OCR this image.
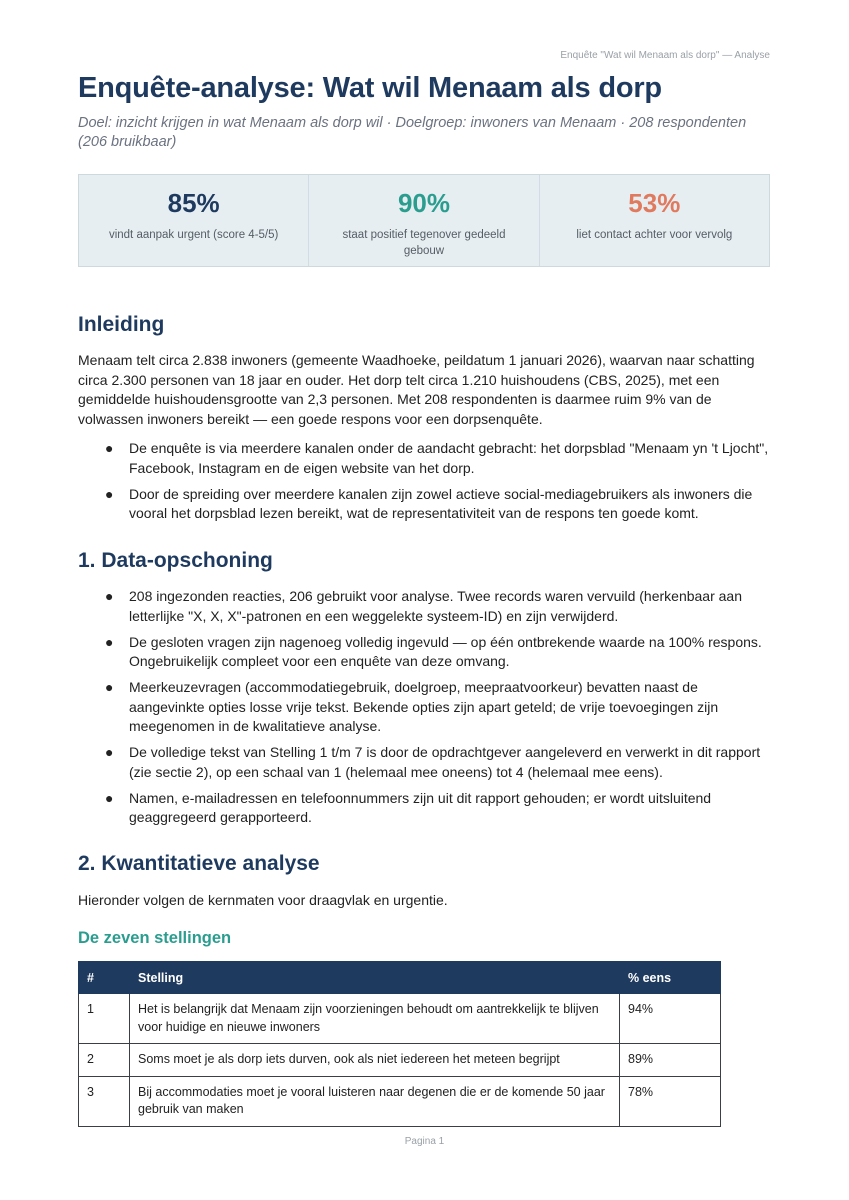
Enquête "Wat wil Menaam als dorp" — Analyse
Enquête-analyse: Wat wil Menaam als dorp

Doel: inzicht krijgen in wat Menaam als dorp wil · Doelgroep: inwoners van Menaam · 208 respondenten (206 bruikbaar)

85%
vindt aanpak urgent (score 4-5/5)
90%
staat positief tegenover gedeeld gebouw
53%
liet contact achter voor vervolg
Inleiding

Menaam telt circa 2.838 inwoners (gemeente Waadhoeke, peildatum 1 januari 2026), waarvan naar schatting circa 2.300 personen van 18 jaar en ouder. Het dorp telt circa 1.210 huishoudens (CBS, 2025), met een gemiddelde huishoudensgrootte van 2,3 personen. Met 208 respondenten is daarmee ruim 9% van de volwassen inwoners bereikt — een goede respons voor een dorpsenquête.

● De enquête is via meerdere kanalen onder de aandacht gebracht: het dorpsblad "Menaam yn 't Ljocht", Facebook, Instagram en de eigen website van het dorp.
● Door de spreiding over meerdere kanalen zijn zowel actieve social-mediagebruikers als inwoners die vooral het dorpsblad lezen bereikt, wat de representativiteit van de respons ten goede komt.
1. Data-opschoning
● 208 ingezonden reacties, 206 gebruikt voor analyse. Twee records waren vervuild (herkenbaar aan letterlijke "X, X, X"-patronen en een weggelekte systeem-ID) en zijn verwijderd.
● De gesloten vragen zijn nagenoeg volledig ingevuld — op één ontbrekende waarde na 100% respons. Ongebruikelijk compleet voor een enquête van deze omvang.
● Meerkeuzevragen (accommodatiegebruik, doelgroep, meepraatvoorkeur) bevatten naast de aangevinkte opties losse vrije tekst. Bekende opties zijn apart geteld; de vrije toevoegingen zijn meegenomen in de kwalitatieve analyse.
● De volledige tekst van Stelling 1 t/m 7 is door de opdrachtgever aangeleverd en verwerkt in dit rapport (zie sectie 2), op een schaal van 1 (helemaal mee oneens) tot 4 (helemaal mee eens).
● Namen, e-mailadressen en telefoonnummers zijn uit dit rapport gehouden; er wordt uitsluitend geaggregeerd gerapporteerd.
2. Kwantitatieve analyse

Hieronder volgen de kernmaten voor draagvlak en urgentie.

De zeven stellingen
#	Stelling	% eens
1	Het is belangrijk dat Menaam zijn voorzieningen behoudt om aantrekkelijk te blijven voor huidige en nieuwe inwoners	94%
2	Soms moet je als dorp iets durven, ook als niet iedereen het meteen begrijpt	89%
3	Bij accommodaties moet je vooral luisteren naar degenen die er de komende 50 jaar gebruik van maken	78%
Pagina 1
